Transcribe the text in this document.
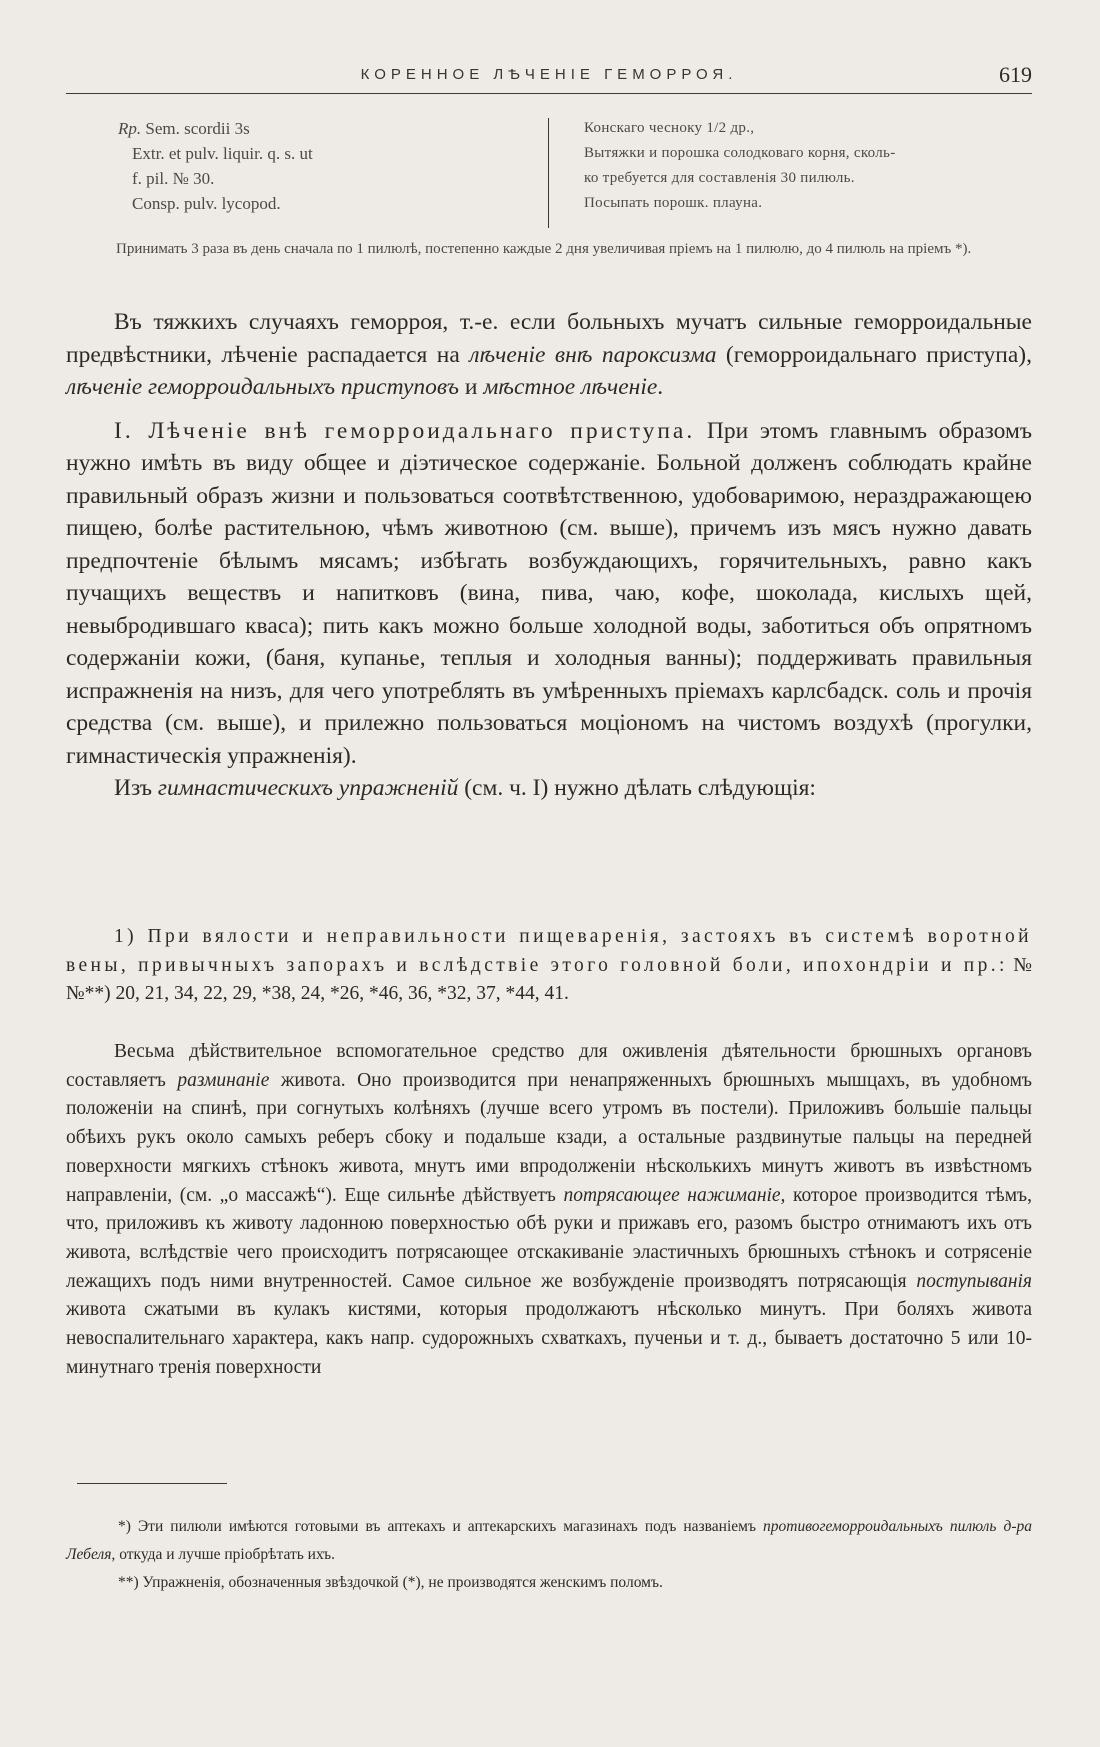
КОРЕННОЕ ЛѢЧЕНІЕ ГЕМОРРОЯ.	619
Rp. Sem. scordii 3s
Extr. et pulv. liquir. q. s. ut
f. pil. № 30.
Consp. pulv. lycopod.
Конскаго чесноку 1/2 др.,
Вытяжки и порошка солодковаго корня, сколь-
ко требуется для составленія 30 пилюль.
Посыпать порошк. плауна.
Принимать 3 раза въ день сначала по 1 пилюлѣ, постепенно каждые 2 дня увеличивая пріемъ на 1 пилюлю, до 4 пилюль на пріемъ *).

Въ тяжкихъ случаяхъ геморроя, т.-е. если больныхъ мучатъ сильные геморроидальные предвѣстники, лѣченіе распадается на лѣченіе внѣ пароксизма (геморроидальнаго приступа), лѣченіе геморроидальныхъ приступовъ и мѣстное лѣченіе.

I. Лѣченіе внѣ геморроидальнаго приступа. При этомъ главнымъ образомъ нужно имѣть въ виду общее и діэтическое содержаніе. Больной долженъ соблюдать крайне правильный образъ жизни и пользоваться соотвѣтственною, удобоваримою, нераздражающею пищею, болѣе растительною, чѣмъ животною (см. выше), причемъ изъ мясъ нужно давать предпочтеніе бѣлымъ мясамъ; избѣгать возбуждающихъ, горячительныхъ, равно какъ пучащихъ веществъ и напитковъ (вина, пива, чаю, кофе, шоколада, кислыхъ щей, невыбродившаго кваса); пить какъ можно больше холодной воды, заботиться объ опрятномъ содержаніи кожи, (баня, купанье, теплыя и холодныя ванны); поддерживать правильныя испражненія на низъ, для чего употреблять въ умѣренныхъ пріемахъ карлсбадск. соль и прочія средства (см. выше), и прилежно пользоваться моціономъ на чистомъ воздухѣ (прогулки, гимнастическія упражненія).

Изъ гимнастическихъ упражненій (см. ч. I) нужно дѣлать слѣдующія:

1) При вялости и неправильности пищеваренія, застояхъ въ системѣ воротной вены, привычныхъ запорахъ и вслѣдствіе этого головной боли, ипохондріи и пр.: №№**) 20, 21, 34, 22, 29, *38, 24, *26, *46, 36, *32, 37, *44, 41.

Весьма дѣйствительное вспомогательное средство для оживленія дѣятельности брюшныхъ органовъ составляетъ разминаніе живота. Оно производится при ненапряженныхъ брюшныхъ мышцахъ, въ удобномъ положеніи на спинѣ, при согнутыхъ колѣняхъ (лучше всего утромъ въ постели). Приложивъ большіе пальцы обѣихъ рукъ около самыхъ реберъ сбоку и подальше кзади, а остальные раздвинутые пальцы на передней поверхности мягкихъ стѣнокъ живота, мнутъ ими впродолженіи нѣсколькихъ минутъ животъ въ извѣстномъ направленіи, (см. „о массажѣ“). Еще сильнѣе дѣйствуетъ потрясающее нажиманіе, которое производится тѣмъ, что, приложивъ къ животу ладонною поверхностью обѣ руки и прижавъ его, разомъ быстро отнимаютъ ихъ отъ живота, вслѣдствіе чего происходитъ потрясающее отскакиваніе эластичныхъ брюшныхъ стѣнокъ и сотрясеніе лежащихъ подъ ними внутренностей. Самое сильное же возбужденіе производятъ потрясающія поступыванія живота сжатыми въ кулакъ кистями, которыя продолжаютъ нѣсколько минутъ. При боляхъ живота невоспалительнаго характера, какъ напр. судорожныхъ схваткахъ, пученьи и т. д., бываетъ достаточно 5 или 10-минутнаго тренія поверхности

*) Эти пилюли имѣются готовыми въ аптекахъ и аптекарскихъ магазинахъ подъ названіемъ противогеморроидальныхъ пилюль д-ра Лебеля, откуда и лучше пріобрѣтать ихъ.

**) Упражненія, обозначенныя звѣздочкой (*), не производятся женскимъ поломъ.
